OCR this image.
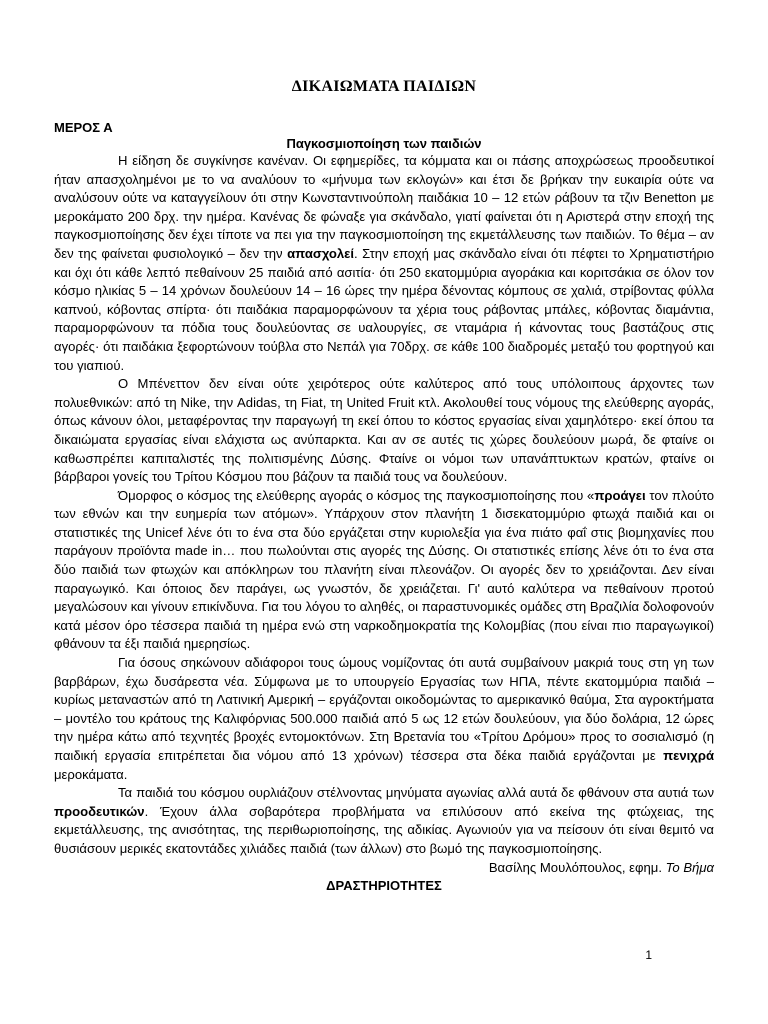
ΔΙΚΑΙΩΜΑΤΑ ΠΑΙΔΙΩΝ
ΜΕΡΟΣ Α
Παγκοσμιοποίηση των παιδιών

Η είδηση δε συγκίνησε κανέναν. Οι εφημερίδες, τα κόμματα και οι πάσης αποχρώσεως προοδευτικοί ήταν απασχολημένοι με το να αναλύουν το «μήνυμα των εκλογών» και έτσι δε βρήκαν την ευκαιρία ούτε να αναλύσουν ούτε να καταγγείλουν ότι στην Κωνσταντινούπολη παιδάκια 10 – 12 ετών ράβουν τα τζιν Benetton με μεροκάματο 200 δρχ. την ημέρα. Κανένας δε φώναξε για σκάνδαλο, γιατί φαίνεται ότι η Αριστερά στην εποχή της παγκοσμιοποίησης δεν έχει τίποτε να πει για την παγκοσμιοποίηση της εκμετάλλευσης των παιδιών. Το θέμα – αν δεν της φαίνεται φυσιολογικό – δεν την απασχολεί. Στην εποχή μας σκάνδαλο είναι ότι πέφτει το Χρηματιστήριο και όχι ότι κάθε λεπτό πεθαίνουν 25 παιδιά από ασιτία· ότι 250 εκατομμύρια αγοράκια και κοριτσάκια σε όλον τον κόσμο ηλικίας 5 – 14 χρόνων δουλεύουν 14 – 16 ώρες την ημέρα δένοντας κόμπους σε χαλιά, στρίβοντας φύλλα καπνού, κόβοντας σπίρτα· ότι παιδάκια παραμορφώνουν τα χέρια τους ράβοντας μπάλες, κόβοντας διαμάντια, παραμορφώνουν τα πόδια τους δουλεύοντας σε υαλουργίες, σε νταμάρια ή κάνοντας τους βαστάζους στις αγορές· ότι παιδάκια ξεφορτώνουν τούβλα στο Νεπάλ για 70δρχ. σε κάθε 100 διαδρομές μεταξύ του φορτηγού και του γιαπιού.

Ο Μπένεττον δεν είναι ούτε χειρότερος ούτε καλύτερος από τους υπόλοιπους άρχοντες των πολυεθνικών: από τη Nike, την Adidas, τη Fiat, τη United Fruit κτλ. Ακολουθεί τους νόμους της ελεύθερης αγοράς, όπως κάνουν όλοι, μεταφέροντας την παραγωγή τη εκεί όπου το κόστος εργασίας είναι χαμηλότερο· εκεί όπου τα δικαιώματα εργασίας είναι ελάχιστα ως ανύπαρκτα. Και αν σε αυτές τις χώρες δουλεύουν μωρά, δε φταίνε οι καθωσπρέπει καπιταλιστές της πολιτισμένης Δύσης. Φταίνε οι νόμοι των υπανάπτυκτων κρατών, φταίνε οι βάρβαροι γονείς του Τρίτου Κόσμου που βάζουν τα παιδιά τους να δουλεύουν.

Όμορφος ο κόσμος της ελεύθερης αγοράς ο κόσμος της παγκοσμιοποίησης που «προάγει τον πλούτο των εθνών και την ευημερία των ατόμων». Υπάρχουν στον πλανήτη 1 δισεκατομμύριο φτωχά παιδιά και οι στατιστικές της Unicef λένε ότι το ένα στα δύο εργάζεται στην κυριολεξία για ένα πιάτο φαΐ στις βιομηχανίες που παράγουν προϊόντα made in… που πωλούνται στις αγορές της Δύσης. Οι στατιστικές επίσης λένε ότι το ένα στα δύο παιδιά των φτωχών και απόκληρων του πλανήτη είναι πλεονάζον. Οι αγορές δεν το χρειάζονται. Δεν είναι παραγωγικό. Και όποιος δεν παράγει, ως γνωστόν, δε χρειάζεται. Γι' αυτό καλύτερα να πεθαίνουν προτού μεγαλώσουν και γίνουν επικίνδυνα. Για του λόγου το αληθές, οι παραστυνομικές ομάδες στη Βραζιλία δολοφονούν κατά μέσον όρο τέσσερα παιδιά τη ημέρα ενώ στη ναρκοδημοκρατία της Κολομβίας (που είναι πιο παραγωγικοί) φθάνουν τα έξι παιδιά ημερησίως.

Για όσους σηκώνουν αδιάφοροι τους ώμους νομίζοντας ότι αυτά συμβαίνουν μακριά τους στη γη των βαρβάρων, έχω δυσάρεστα νέα. Σύμφωνα με το υπουργείο Εργασίας των ΗΠΑ, πέντε εκατομμύρια παιδιά – κυρίως μεταναστών από τη Λατινική Αμερική – εργάζονται οικοδομώντας το αμερικανικό θαύμα, Στα αγροκτήματα – μοντέλο του κράτους της Καλιφόρνιας 500.000 παιδιά από 5 ως 12 ετών δουλεύουν, για δύο δολάρια, 12 ώρες την ημέρα κάτω από τεχνητές βροχές εντομοκτόνων. Στη Βρετανία του «Τρίτου Δρόμου» προς το σοσιαλισμό (η παιδική εργασία επιτρέπεται δια νόμου από 13 χρόνων) τέσσερα στα δέκα παιδιά εργάζονται με πενιχρά μεροκάματα.

Τα παιδιά του κόσμου ουρλιάζουν στέλνοντας μηνύματα αγωνίας αλλά αυτά δε φθάνουν στα αυτιά των προοδευτικών. Έχουν άλλα σοβαρότερα προβλήματα να επιλύσουν από εκείνα της φτώχειας, της εκμετάλλευσης, της ανισότητας, της περιθωριοποίησης, της αδικίας. Αγωνιούν για να πείσουν ότι είναι θεμιτό να θυσιάσουν μερικές εκατοντάδες χιλιάδες παιδιά (των άλλων) στο βωμό της παγκοσμιοποίησης.

Βασίλης Μουλόπουλος, εφημ. Το Βήμα
ΔΡΑΣΤΗΡΙΟΤΗΤΕΣ
1
